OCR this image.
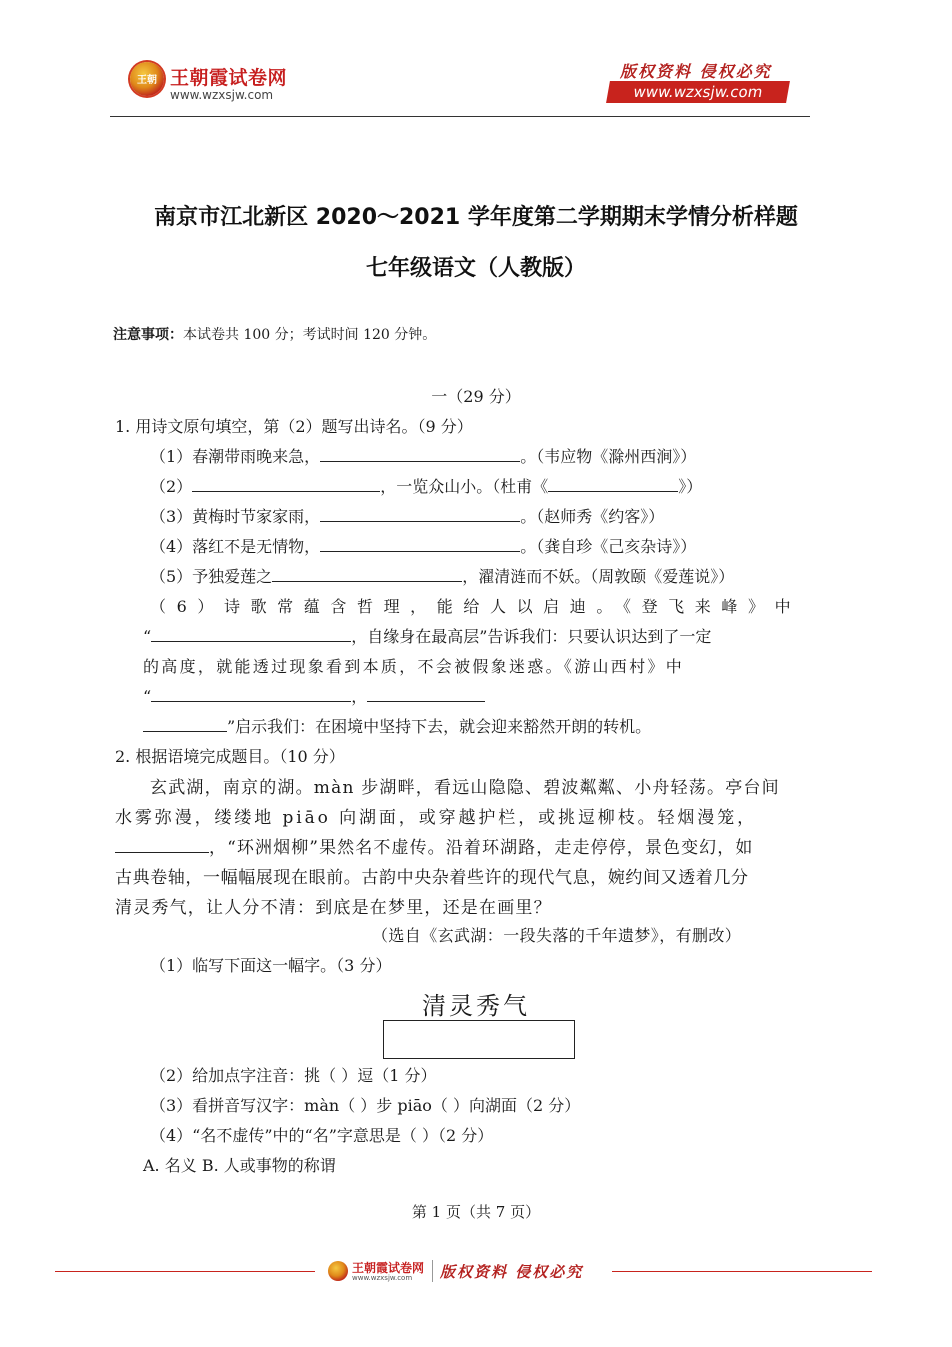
王朝 王朝霞试卷网
www.wzxsjw.com
版权资料 侵权必究
www.wzxsjw.com
南京市江北新区 2020～2021 学年度第二学期期末学情分析样题
七年级语文（人教版）
注意事项：本试卷共 100 分；考试时间 120 分钟。
一（29 分）
1. 用诗文原句填空，第（2）题写出诗名。（9 分）
（1）春潮带雨晚来急，	。（韦应物《滁州西涧》）
（2）	，一览众山小。（杜甫《	》）
（3）黄梅时节家家雨，	。（赵师秀《约客》）
（4）落红不是无情物，	。（龚自珍《己亥杂诗》）
（5）予独爱莲之	，濯清涟而不妖。（周敦颐《爱莲说》）
（6）诗歌常蕴含哲理，能给人以启迪。《登飞来峰》中
“	，自缘身在最高层”告诉我们：只要认识达到了一定
的高度，就能透过现象看到本质，不会被假象迷惑。《游山西村》中
“	，
”启示我们：在困境中坚持下去，就会迎来豁然开朗的转机。
2. 根据语境完成题目。（10 分）
玄武湖，南京的湖。màn 步湖畔，看远山隐隐、碧波粼粼、小舟轻荡。亭台间
水雾弥漫，缕缕地 piāo 向湖面，或穿越护栏，或挑逗柳枝。轻烟漫笼，
，“环洲烟柳”果然名不虚传。沿着环湖路，走走停停，景色变幻，如
古典卷轴，一幅幅展现在眼前。古韵中央杂着些许的现代气息，婉约间又透着几分
清灵秀气，让人分不清：到底是在梦里，还是在画里？
（选自《玄武湖：一段失落的千年遗梦》，有删改）
（1）临写下面这一幅字。（3 分）
清灵秀气
（2）给加点字注音：挑（ ）逗（1 分）
（3）看拼音写汉字：màn（ ）步 piāo（ ）向湖面（2 分）
（4）“名不虚传”中的“名”字意思是（ ）（2 分）
A. 名义 B. 人或事物的称谓
第 1 页（共 7 页）
王朝霞试卷网
www.wzxsjw.com 版权资料 侵权必究
